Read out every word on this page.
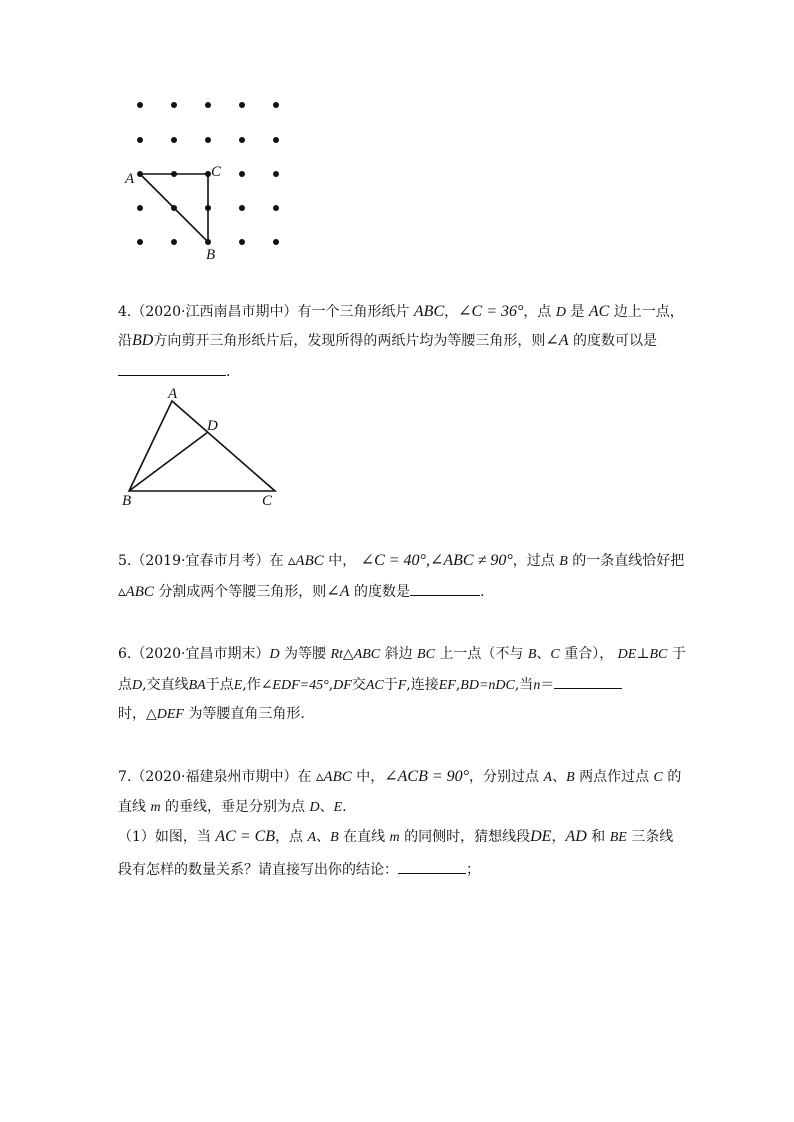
A	C
B
4.（2020·江西南昌市期中）有一个三角形纸片 ABC，∠C = 36°，点 D 是 AC 边上一点，
沿BD方向剪开三角形纸片后，发现所得的两纸片均为等腰三角形，则∠A 的度数可以是
.
A
D
B	C
5.（2019·宜春市月考）在 ▵ABC 中， ∠C = 40°,∠ABC ≠ 90°，过点 B 的一条直线恰好把
▵ABC 分割成两个等腰三角形，则∠A 的度数是	.
6.（2020·宜昌市期末）D 为等腰 Rt△ABC 斜边 BC 上一点（不与 B、C 重合）， DE⊥BC 于
点D,交直线BA于点E,作∠EDF=45°,DF交AC于F,连接EF,BD=nDC,当n＝
时，△DEF 为等腰直角三角形.
7.（2020·福建泉州市期中）在 ▵ABC 中，∠ACB = 90°，分别过点 A、B 两点作过点 C 的
直线 m 的垂线，垂足分别为点 D、E.
（1）如图，当 AC = CB，点 A、B 在直线 m 的同侧时，猜想线段DE，AD 和 BE 三条线
段有怎样的数量关系？请直接写出你的结论：	；
